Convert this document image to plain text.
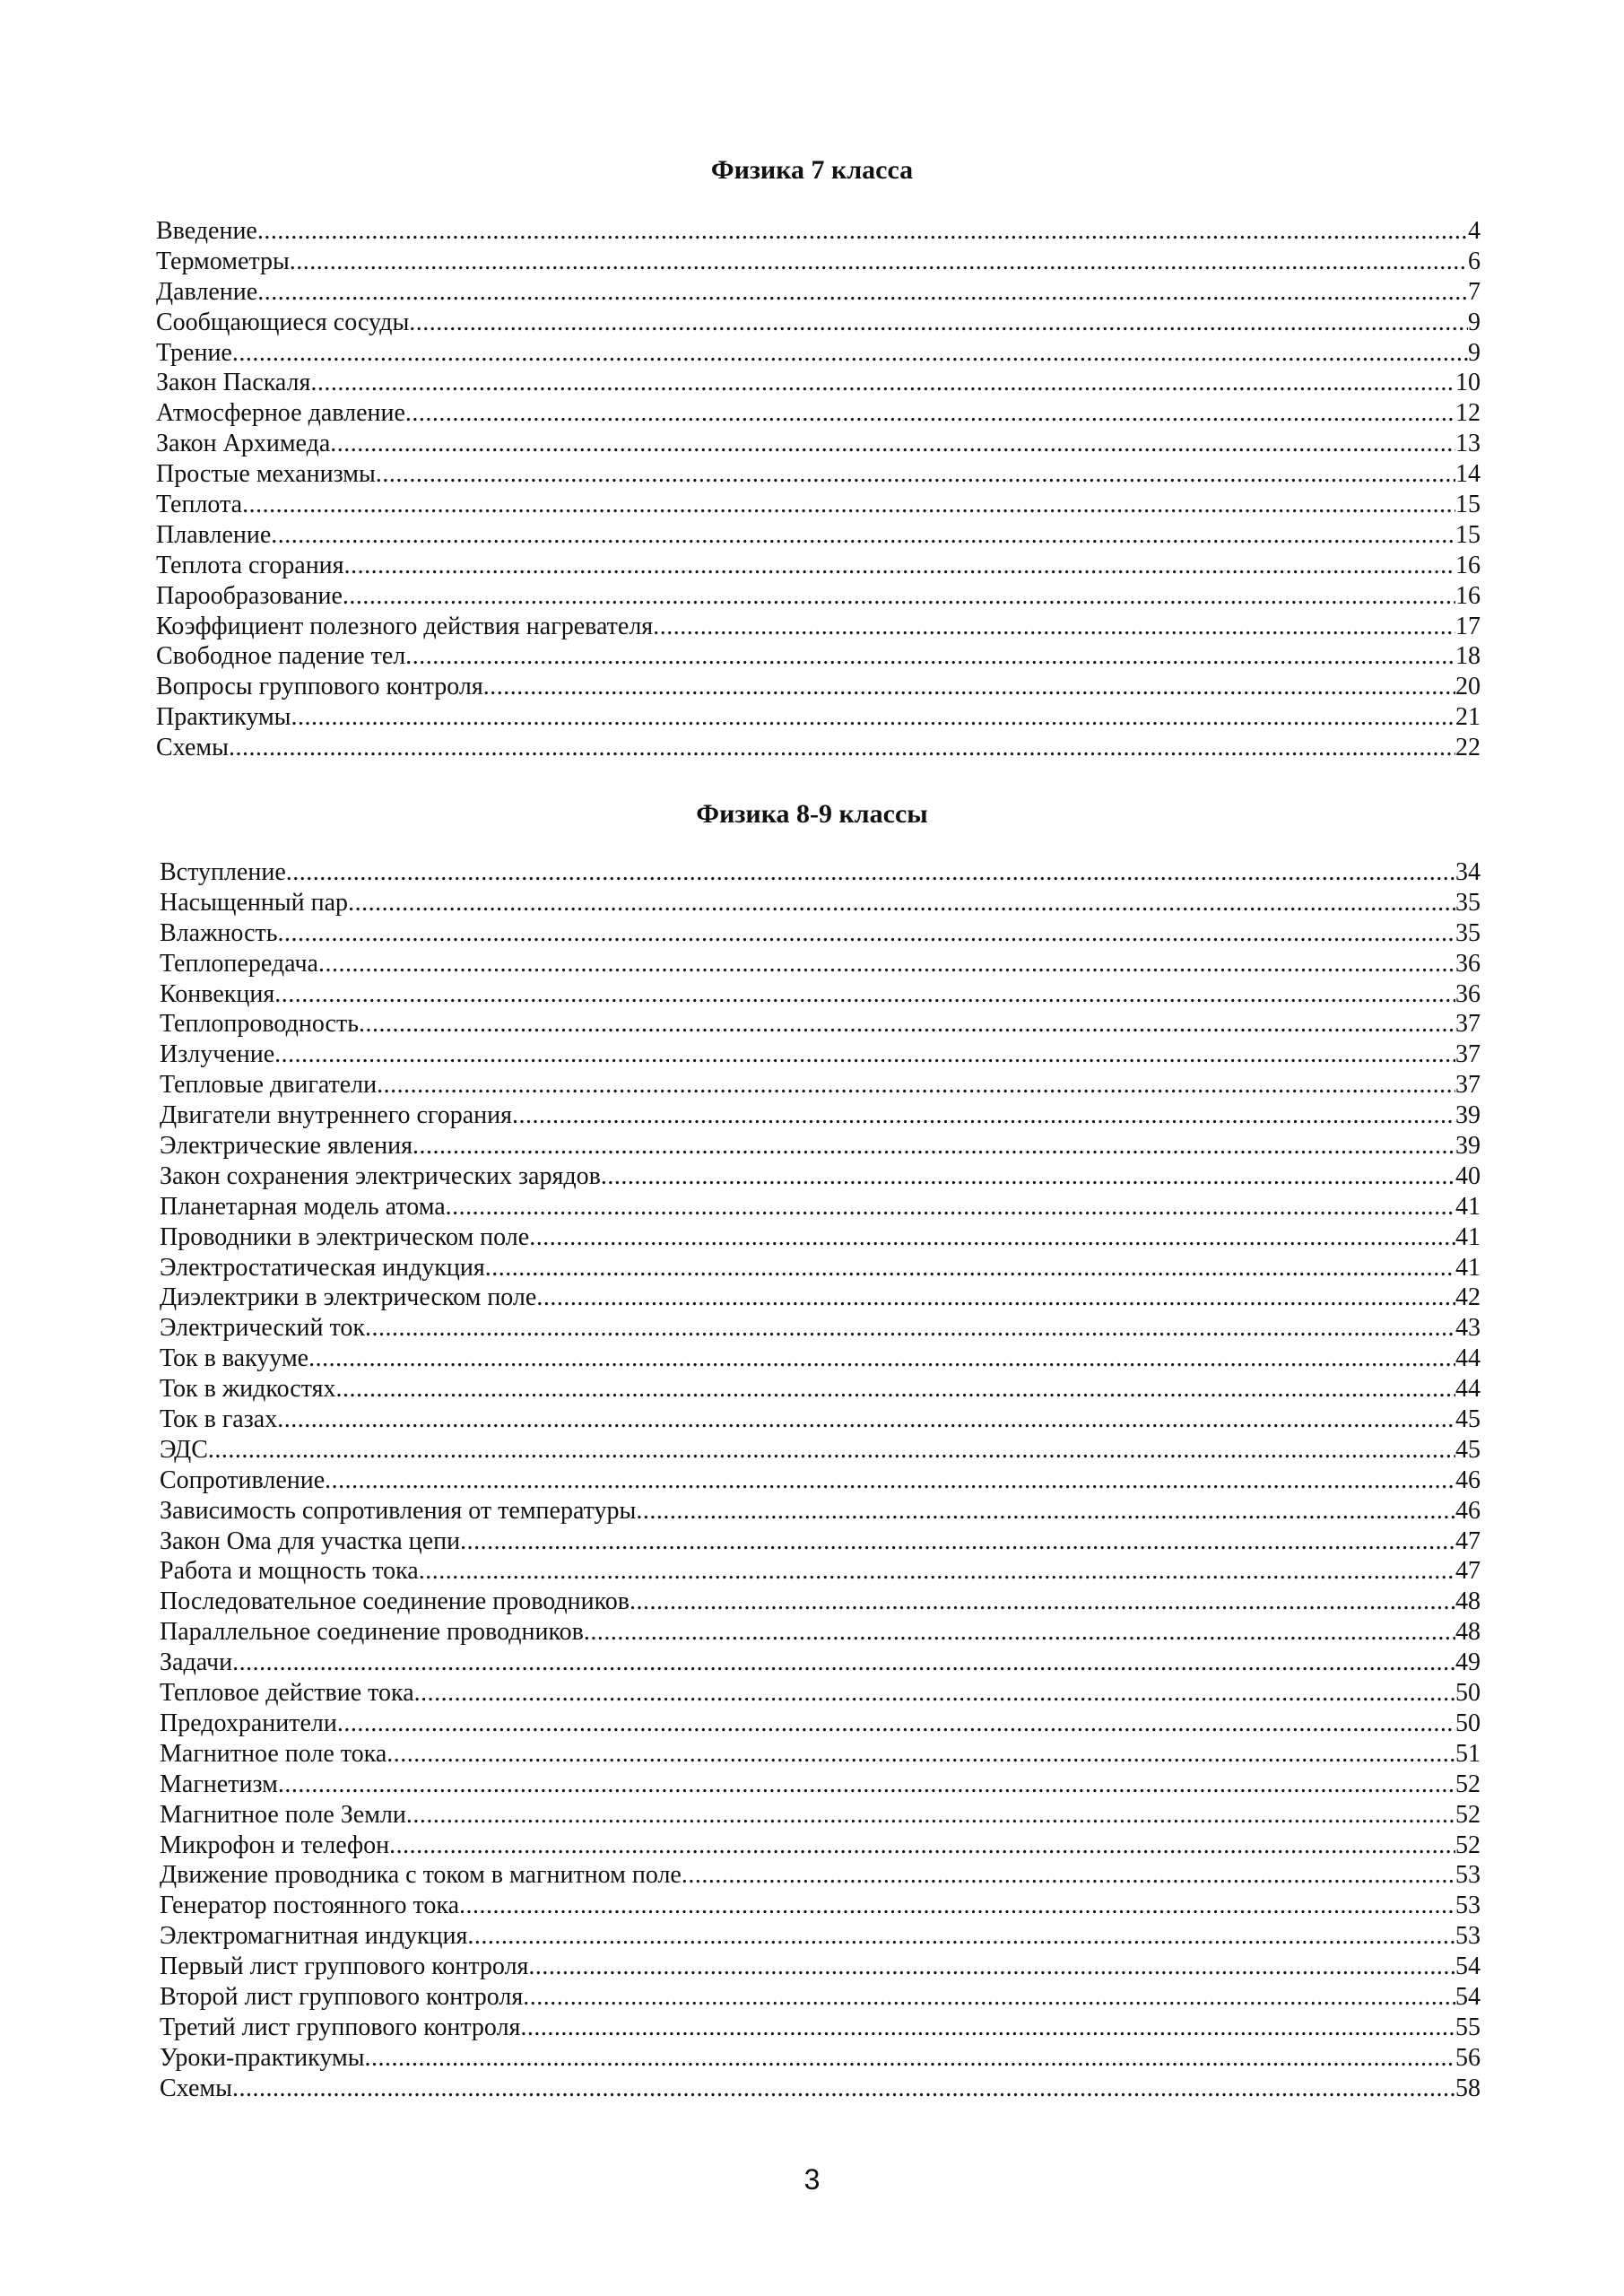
Физика 7 класса
Введение .....	4
Термометры .....	6
Давление .....	7
Сообщающиеся сосуды .....	9
Трение .....	9
Закон Паскаля .....	10
Атмосферное давление .....	12
Закон Архимеда .....	13
Простые механизмы .....	14
Теплота .....	15
Плавление .....	15
Теплота сгорания .....	16
Парообразование .....	16
Коэффициент полезного действия нагревателя .....	17
Свободное падение тел .....	18
Вопросы группового контроля .....	20
Практикумы .....	21
Схемы .....	22
Физика 8-9 классы
Вступление .....	34
Насыщенный пар .....	35
Влажность .....	35
Теплопередача .....	36
Конвекция .....	36
Теплопроводность .....	37
Излучение .....	37
Тепловые двигатели .....	37
Двигатели внутреннего сгорания .....	39
Электрические явления .....	39
Закон сохранения электрических зарядов .....	40
Планетарная модель атома .....	41
Проводники в электрическом поле .....	41
Электростатическая индукция .....	41
Диэлектрики в электрическом поле .....	42
Электрический ток .....	43
Ток в вакууме .....	44
Ток в жидкостях .....	44
Ток в газах .....	45
ЭДС .....	45
Сопротивление .....	46
Зависимость сопротивления от температуры .....	46
Закон Ома для участка цепи .....	47
Работа и мощность тока .....	47
Последовательное соединение проводников .....	48
Параллельное соединение проводников .....	48
Задачи .....	49
Тепловое действие тока .....	50
Предохранители .....	50
Магнитное поле тока .....	51
Магнетизм .....	52
Магнитное поле Земли .....	52
Микрофон и телефон .....	52
Движение проводника с током в магнитном поле .....	53
Генератор постоянного тока .....	53
Электромагнитная индукция .....	53
Первый лист группового контроля .....	54
Второй лист группового контроля .....	54
Третий лист группового контроля .....	55
Уроки-практикумы .....	56
Схемы .....	58
3
